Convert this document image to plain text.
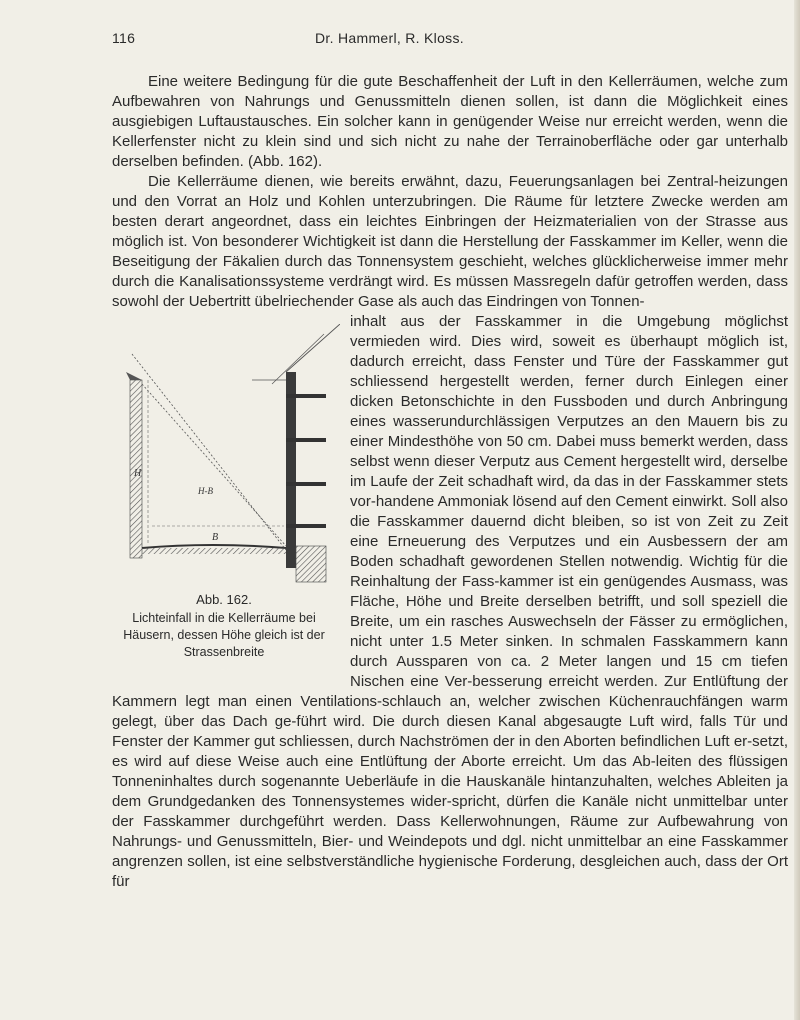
116	Dr. Hammerl, R. Kloss.

Eine weitere Bedingung für die gute Beschaffenheit der Luft in den Kellerräumen, welche zum Aufbewahren von Nahrungs und Genussmitteln dienen sollen, ist dann die Möglichkeit eines ausgiebigen Luftaustausches. Ein solcher kann in genügender Weise nur erreicht werden, wenn die Kellerfenster nicht zu klein sind und sich nicht zu nahe der Terrainoberfläche oder gar unterhalb derselben befinden. (Abb. 162).

Die Kellerräume dienen, wie bereits erwähnt, dazu, Feuerungsanlagen bei Zentral-heizungen und den Vorrat an Holz und Kohlen unterzubringen. Die Räume für letztere Zwecke werden am besten derart angeordnet, dass ein leichtes Einbringen der Heizmaterialien von der Strasse aus möglich ist. Von besonderer Wichtigkeit ist dann die Herstellung der Fasskammer im Keller, wenn die Beseitigung der Fäkalien durch das Tonnensystem geschieht, welches glücklicherweise immer mehr durch die Kanalisationssysteme verdrängt wird. Es müssen Massregeln dafür getroffen werden, dass sowohl der Uebertritt übelriechender Gase als auch das Eindringen von Tonnen-

H
H-B
B
Abb. 162.
Lichteinfall in die Kellerräume bei Häusern, dessen Höhe gleich ist der Strassenbreite

inhalt aus der Fasskammer in die Umgebung möglichst vermieden wird. Dies wird, soweit es überhaupt möglich ist, dadurch erreicht, dass Fenster und Türe der Fasskammer gut schliessend hergestellt werden, ferner durch Einlegen einer dicken Betonschichte in den Fussboden und durch Anbringung eines wasserundurchlässigen Verputzes an den Mauern bis zu einer Mindesthöhe von 50 cm. Dabei muss bemerkt werden, dass selbst wenn dieser Verputz aus Cement hergestellt wird, derselbe im Laufe der Zeit schadhaft wird, da das in der Fasskammer stets vor-handene Ammoniak lösend auf den Cement einwirkt. Soll also die Fasskammer dauernd dicht bleiben, so ist von Zeit zu Zeit eine Erneuerung des Verputzes und ein Ausbessern der am Boden schadhaft gewordenen Stellen notwendig. Wichtig für die Reinhaltung der Fass-kammer ist ein genügendes Ausmass, was Fläche, Höhe und Breite derselben betrifft, und soll speziell die Breite, um ein rasches Auswechseln der Fässer zu ermöglichen, nicht unter 1.5 Meter sinken. In schmalen Fasskammern kann durch Aussparen von ca. 2 Meter langen und 15 cm tiefen Nischen eine Ver-besserung erreicht werden. Zur Entlüftung der Kammern legt man einen Ventilations-schlauch an, welcher zwischen Küchenrauchfängen warm gelegt, über das Dach ge-führt wird. Die durch diesen Kanal abgesaugte Luft wird, falls Tür und Fenster der Kammer gut schliessen, durch Nachströmen der in den Aborten befindlichen Luft er-setzt, es wird auf diese Weise auch eine Entlüftung der Aborte erreicht. Um das Ab-leiten des flüssigen Tonneninhaltes durch sogenannte Ueberläufe in die Hauskanäle hintanzuhalten, welches Ableiten ja dem Grundgedanken des Tonnensystemes wider-spricht, dürfen die Kanäle nicht unmittelbar unter der Fasskammer durchgeführt werden. Dass Kellerwohnungen, Räume zur Aufbewahrung von Nahrungs- und Genussmitteln, Bier- und Weindepots und dgl. nicht unmittelbar an eine Fasskammer angrenzen sollen, ist eine selbstverständliche hygienische Forderung, desgleichen auch, dass der Ort für
